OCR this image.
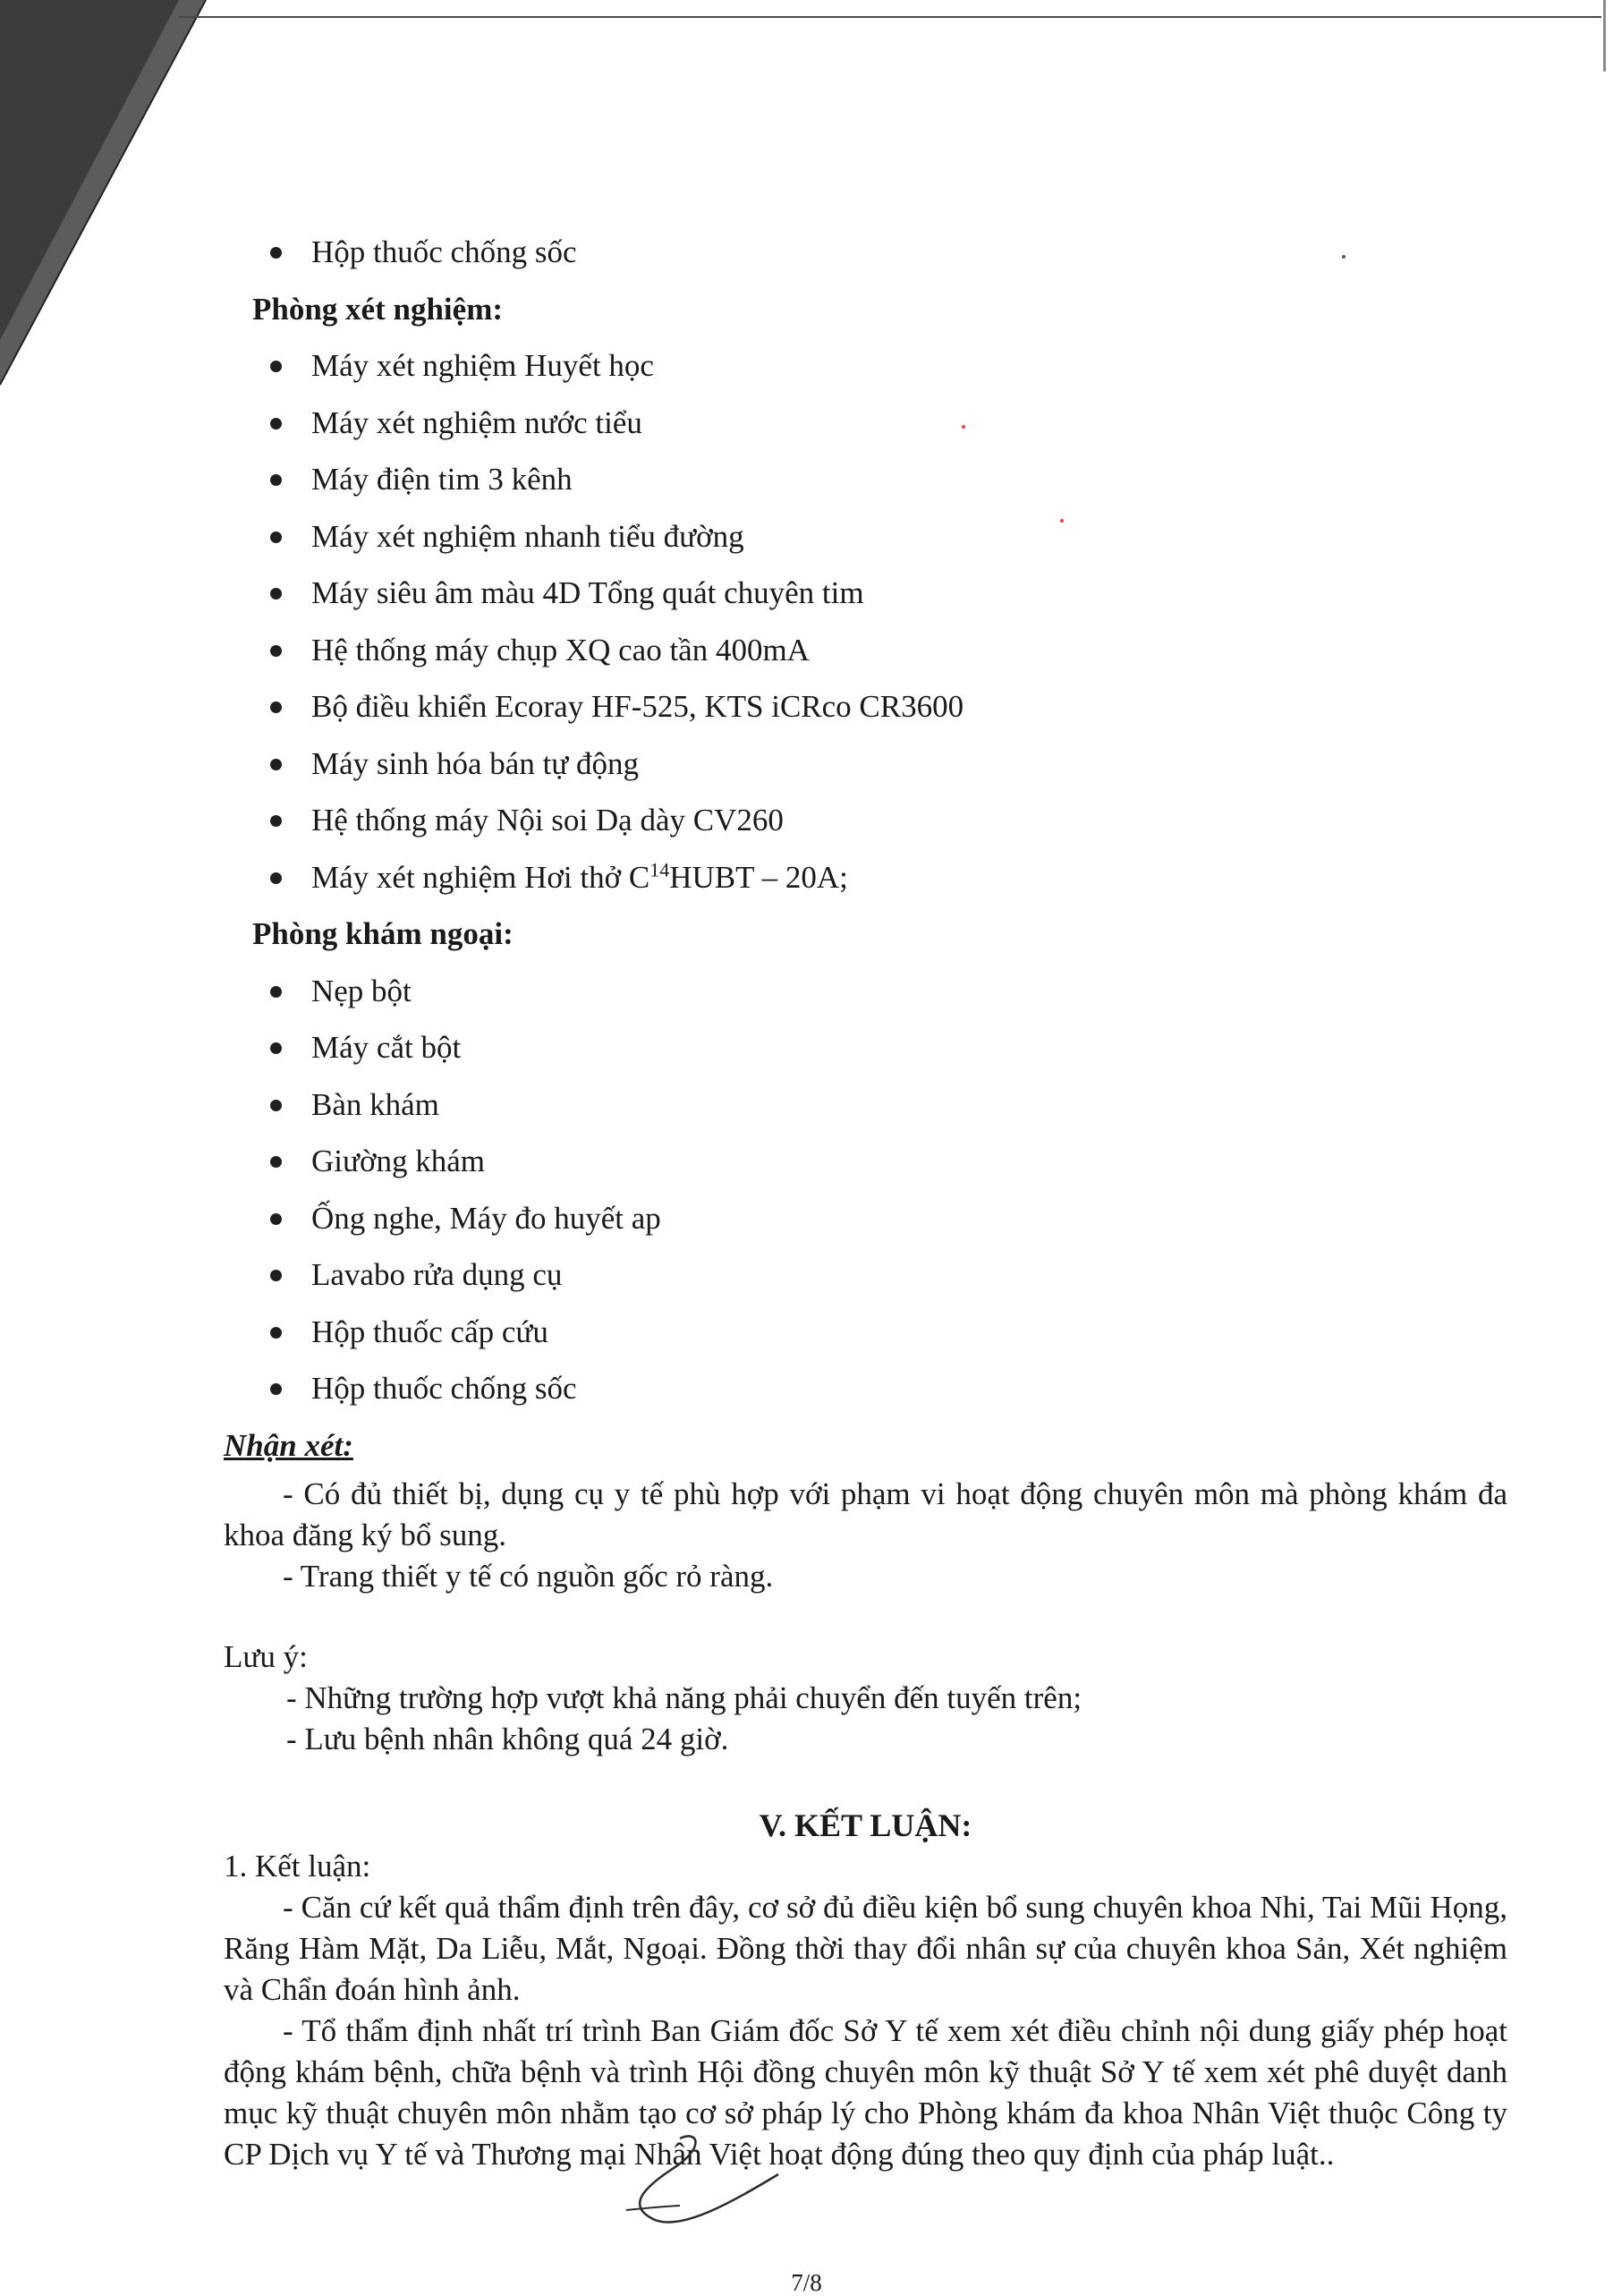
Hộp thuốc chống sốc
Phòng xét nghiệm:
Máy xét nghiệm Huyết học
Máy xét nghiệm nước tiểu
Máy điện tim 3 kênh
Máy xét nghiệm nhanh tiểu đường
Máy siêu âm màu 4D Tổng quát chuyên tim
Hệ thống máy chụp XQ cao tần 400mA
Bộ điều khiển Ecoray HF-525, KTS iCRco CR3600
Máy sinh hóa bán tự động
Hệ thống máy Nội soi Dạ dày CV260
Máy xét nghiệm Hơi thở $C^{14}HUBT - 20A$;
Phòng khám ngoại:
Nẹp bột
Máy cắt bột
Bàn khám
Giường khám
Ống nghe, Máy đo huyết ap
Lavabo rửa dụng cụ
Hộp thuốc cấp cứu
Hộp thuốc chống sốc
Nhận xét:

- Có đủ thiết bị, dụng cụ y tế phù hợp với phạm vi hoạt động chuyên môn mà phòng khám đa khoa đăng ký bổ sung.

- Trang thiết y tế có nguồn gốc rỏ ràng.

Lưu ý:
- Những trường hợp vượt khả năng phải chuyển đến tuyến trên;
- Lưu bệnh nhân không quá 24 giờ.
V. KẾT LUẬN:
1. Kết luận:

- Căn cứ kết quả thẩm định trên đây, cơ sở đủ điều kiện bổ sung chuyên khoa Nhi, Tai Mũi Họng, Răng Hàm Mặt, Da Liễu, Mắt, Ngoại. Đồng thời thay đổi nhân sự của chuyên khoa Sản, Xét nghiệm và Chẩn đoán hình ảnh.

- Tổ thẩm định nhất trí trình Ban Giám đốc Sở Y tế xem xét điều chỉnh nội dung giấy phép hoạt động khám bệnh, chữa bệnh và trình Hội đồng chuyên môn kỹ thuật Sở Y tế xem xét phê duyệt danh mục kỹ thuật chuyên môn nhằm tạo cơ sở pháp lý cho Phòng khám đa khoa Nhân Việt thuộc Công ty CP Dịch vụ Y tế và Thương mại Nhân Việt hoạt động đúng theo quy định của pháp luật..

7/8
